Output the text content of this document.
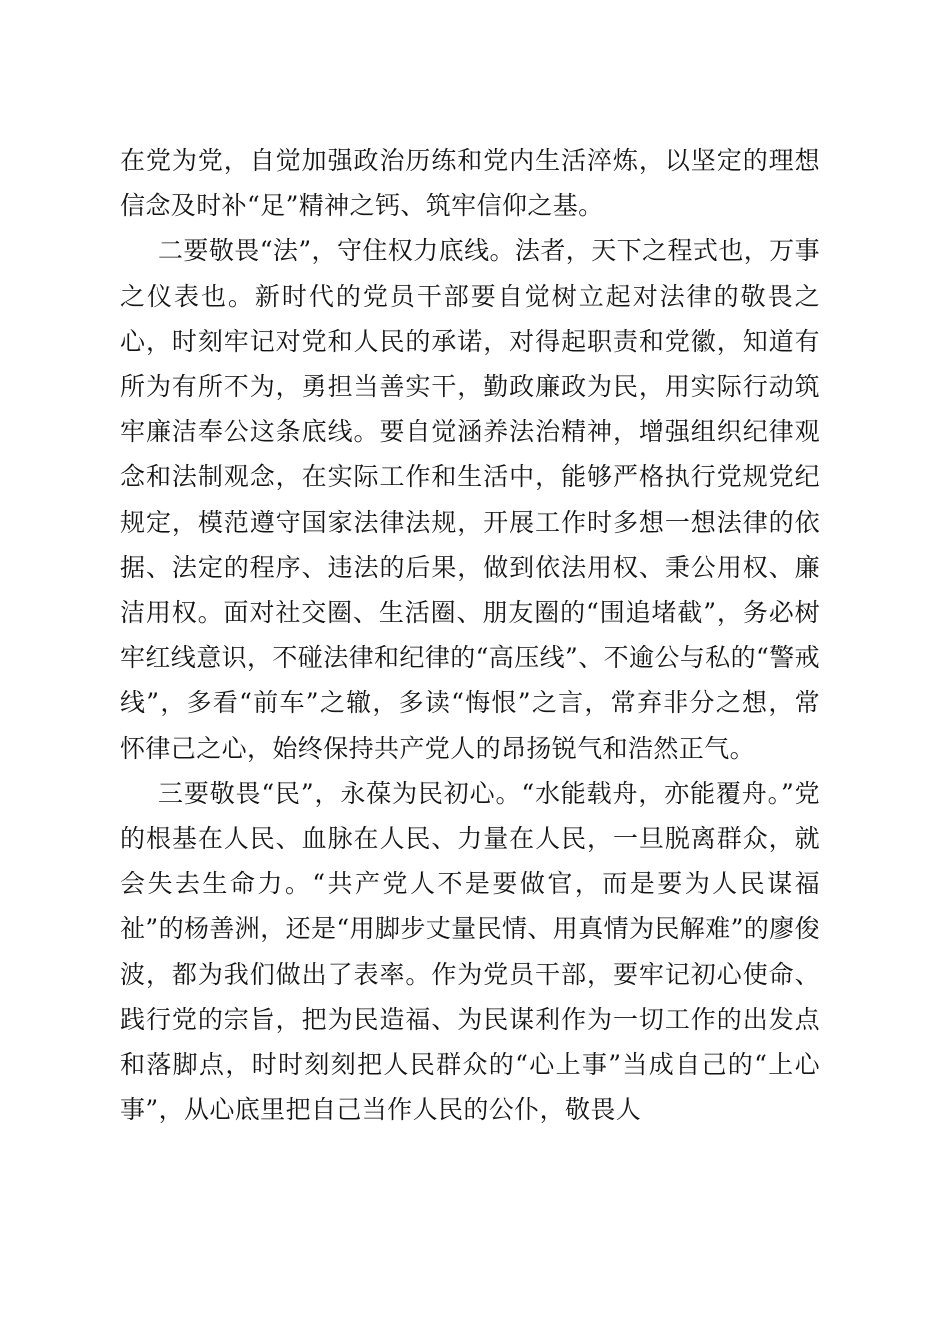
在党为党，自觉加强政治历练和党内生活淬炼，以坚定的理想信念及时补“足”精神之钙、筑牢信仰之基。

二要敬畏“法”，守住权力底线。法者，天下之程式也，万事之仪表也。新时代的党员干部要自觉树立起对法律的敬畏之心，时刻牢记对党和人民的承诺，对得起职责和党徽，知道有所为有所不为，勇担当善实干，勤政廉政为民，用实际行动筑牢廉洁奉公这条底线。要自觉涵养法治精神，增强组织纪律观念和法制观念，在实际工作和生活中，能够严格执行党规党纪规定，模范遵守国家法律法规，开展工作时多想一想法律的依据、法定的程序、违法的后果，做到依法用权、秉公用权、廉洁用权。面对社交圈、生活圈、朋友圈的“围追堵截”，务必树牢红线意识，不碰法律和纪律的“高压线”、不逾公与私的“警戒线”，多看“前车”之辙，多读“悔恨”之言，常弃非分之想，常怀律己之心，始终保持共产党人的昂扬锐气和浩然正气。

三要敬畏“民”，永葆为民初心。“水能载舟，亦能覆舟。”党的根基在人民、血脉在人民、力量在人民，一旦脱离群众，就会失去生命力。“共产党人不是要做官，而是要为人民谋福祉”的杨善洲，还是“用脚步丈量民情、用真情为民解难”的廖俊波，都为我们做出了表率。作为党员干部，要牢记初心使命、践行党的宗旨，把为民造福、为民谋利作为一切工作的出发点和落脚点，时时刻刻把人民群众的“心上事”当成自己的“上心事”，从心底里把自己当作人民的公仆，敬畏人
